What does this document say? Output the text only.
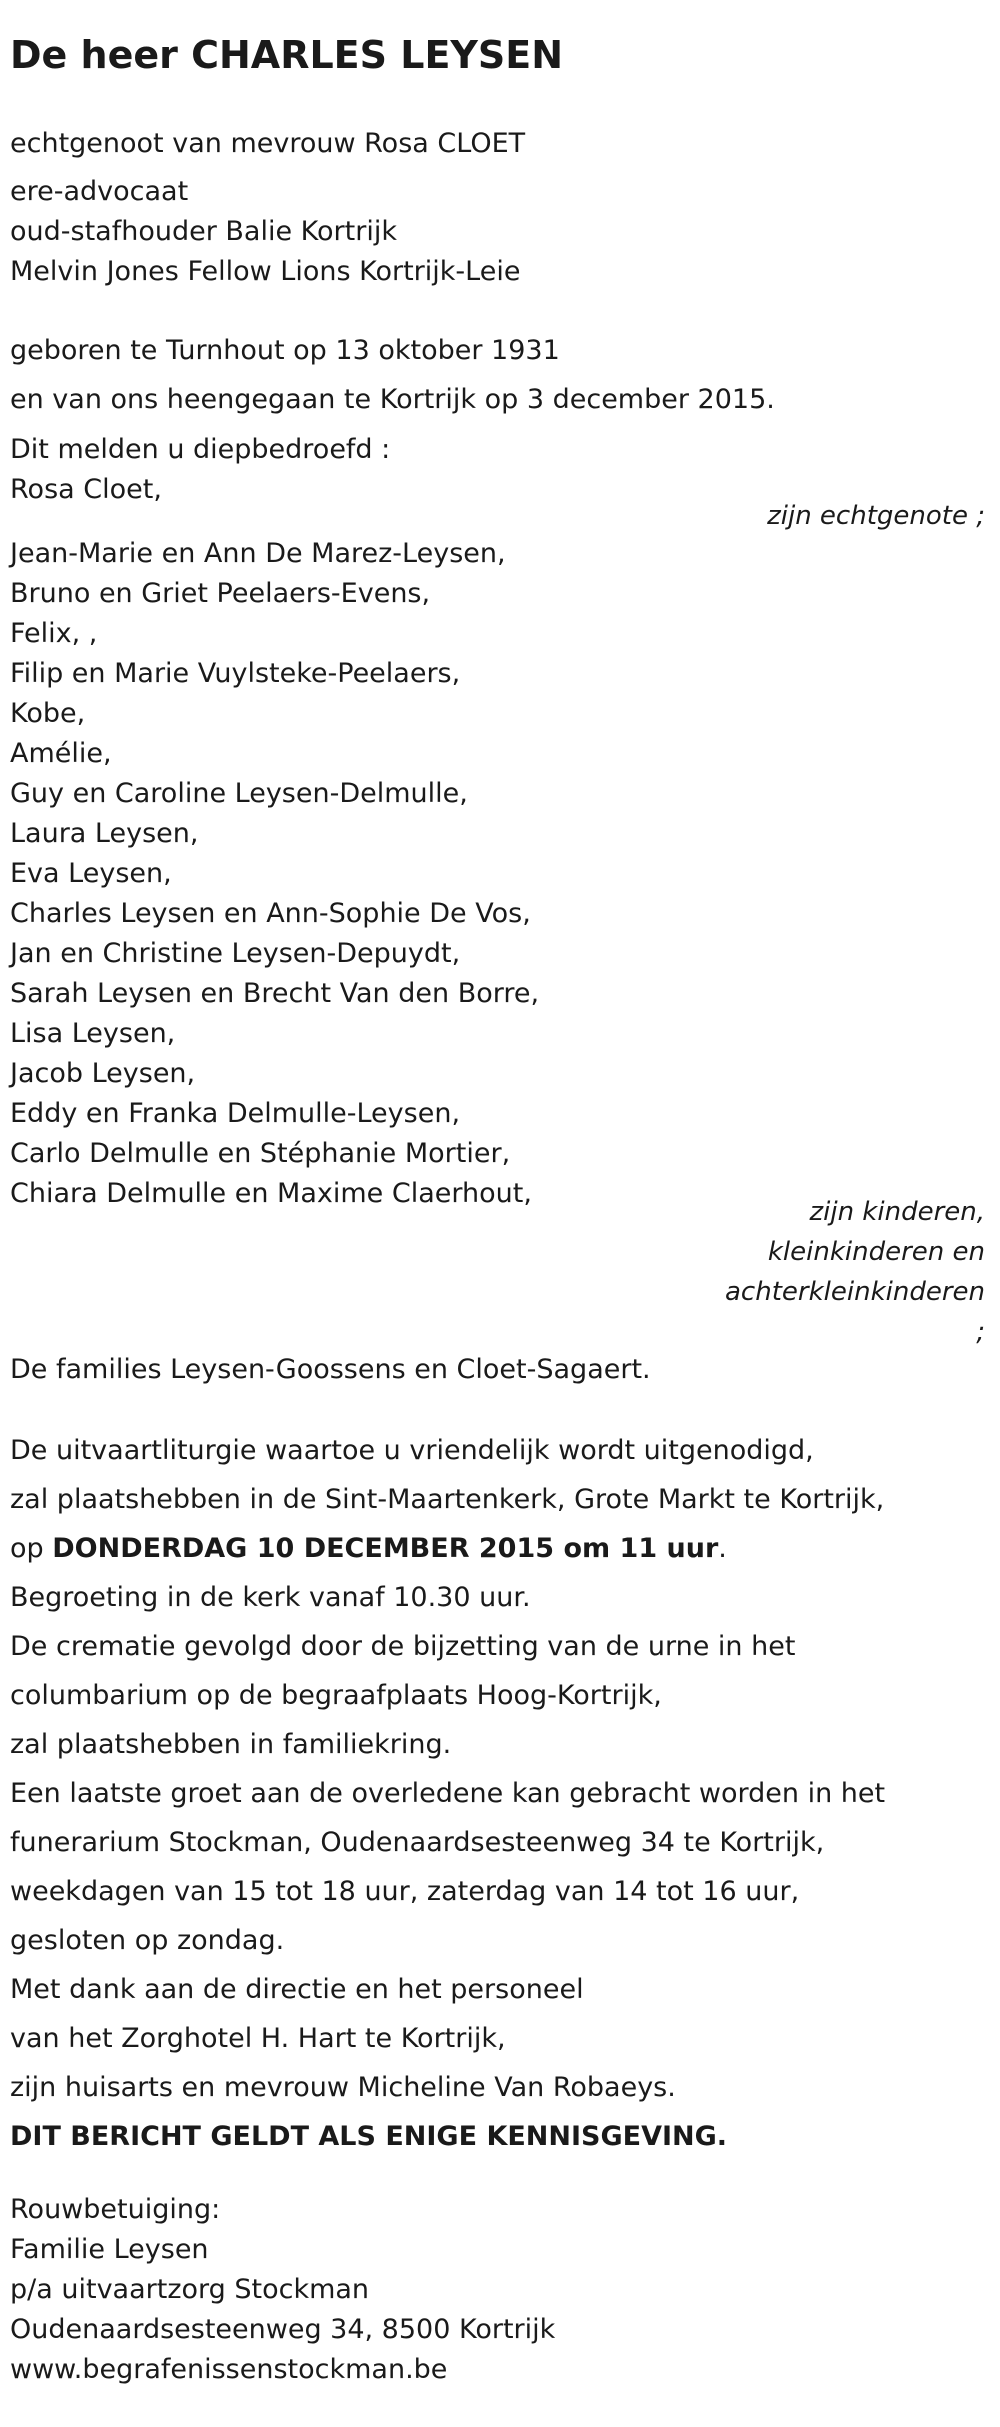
De heer CHARLES LEYSEN
echtgenoot van mevrouw Rosa CLOET
ere-advocaat
oud-stafhouder Balie Kortrijk
Melvin Jones Fellow Lions Kortrijk-Leie
geboren te Turnhout op 13 oktober 1931
en van ons heengegaan te Kortrijk op 3 december 2015.
Dit melden u diepbedroefd :
Rosa Cloet,
zijn echtgenote ;
Jean-Marie en Ann De Marez-Leysen,
Bruno en Griet Peelaers-Evens,
Felix, ,
Filip en Marie Vuylsteke-Peelaers,
Kobe,
Amélie,
Guy en Caroline Leysen-Delmulle,
Laura Leysen,
Eva Leysen,
Charles Leysen en Ann-Sophie De Vos,
Jan en Christine Leysen-Depuydt,
Sarah Leysen en Brecht Van den Borre,
Lisa Leysen,
Jacob Leysen,
Eddy en Franka Delmulle-Leysen,
Carlo Delmulle en Stéphanie Mortier,
Chiara Delmulle en Maxime Claerhout,
zijn kinderen,
kleinkinderen en
achterkleinkinderen
;
De families Leysen-Goossens en Cloet-Sagaert.
De uitvaartliturgie waartoe u vriendelijk wordt uitgenodigd,
zal plaatshebben in de Sint-Maartenkerk, Grote Markt te Kortrijk,
op DONDERDAG 10 DECEMBER 2015 om 11 uur.
Begroeting in de kerk vanaf 10.30 uur.
De crematie gevolgd door de bijzetting van de urne in het
columbarium op de begraafplaats Hoog-Kortrijk,
zal plaatshebben in familiekring.
Een laatste groet aan de overledene kan gebracht worden in het
funerarium Stockman, Oudenaardsesteenweg 34 te Kortrijk,
weekdagen van 15 tot 18 uur, zaterdag van 14 tot 16 uur,
gesloten op zondag.
Met dank aan de directie en het personeel
van het Zorghotel H. Hart te Kortrijk,
zijn huisarts en mevrouw Micheline Van Robaeys.
DIT BERICHT GELDT ALS ENIGE KENNISGEVING.
Rouwbetuiging:
Familie Leysen
p/a uitvaartzorg Stockman
Oudenaardsesteenweg 34, 8500 Kortrijk
www.begrafenissenstockman.be
